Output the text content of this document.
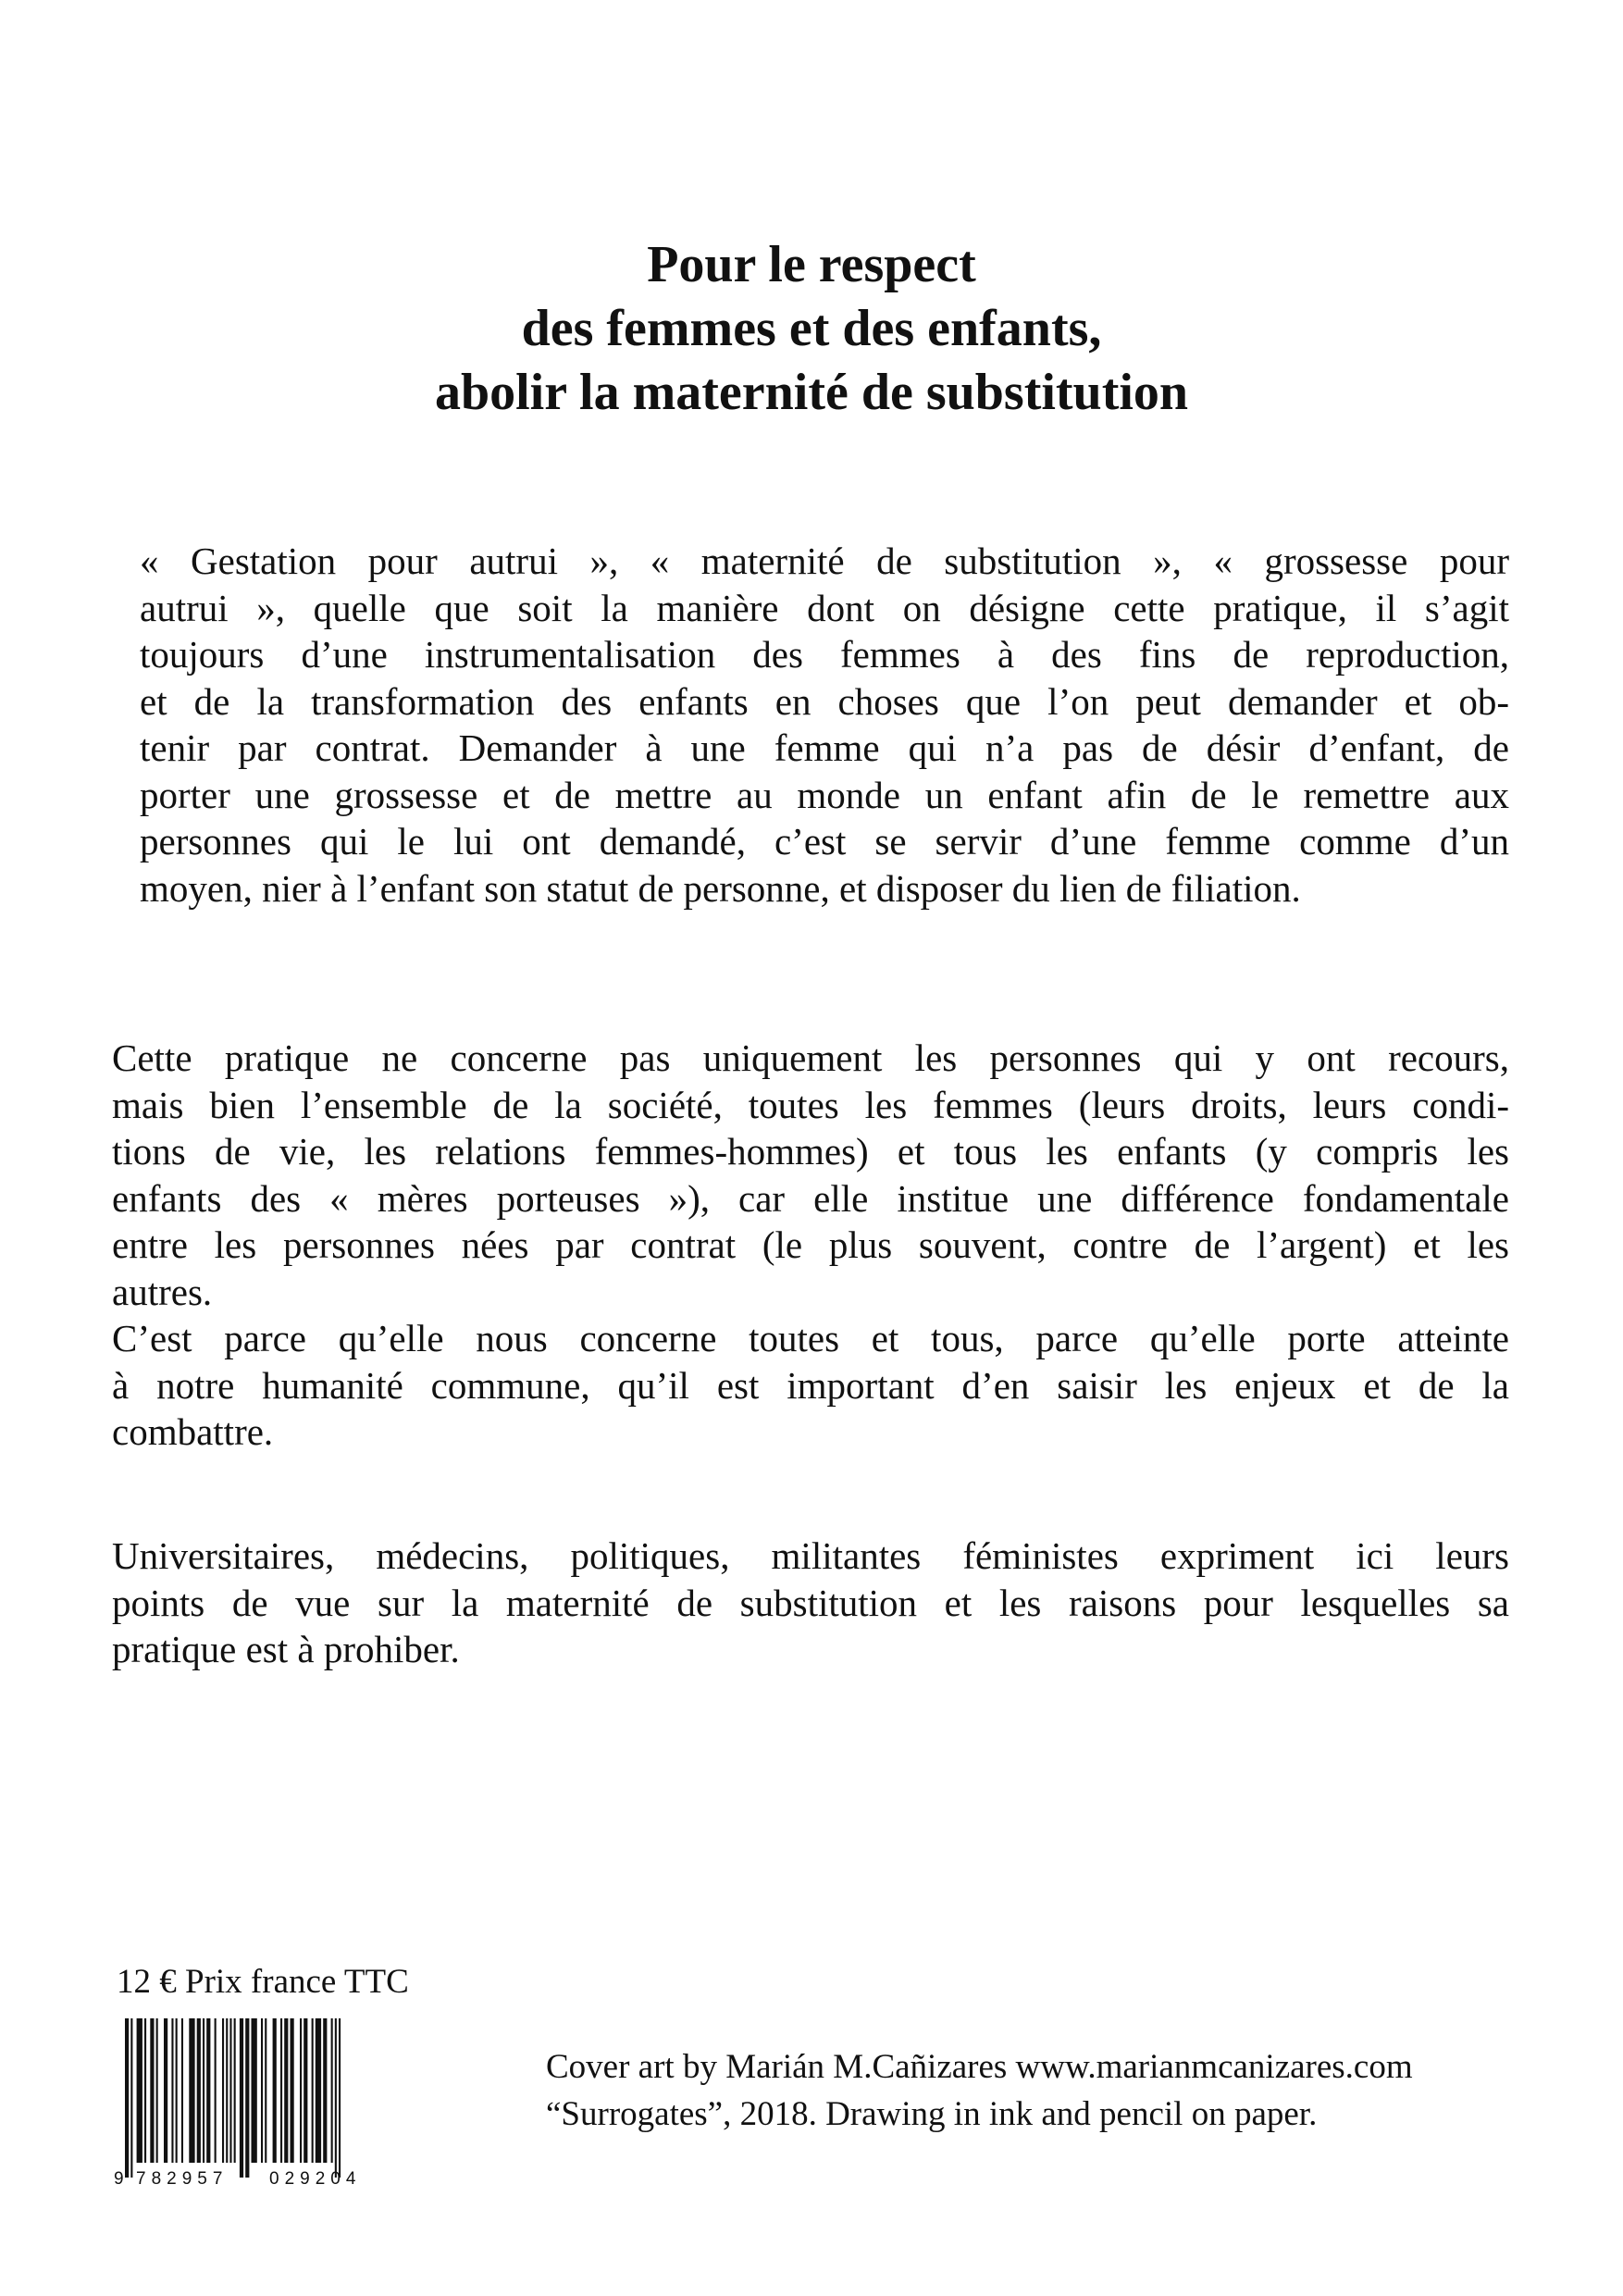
Pour le respect
des femmes et des enfants,
abolir la maternité de substitution

« Gestation pour autrui », « maternité de substitution », « grossesse pour
autrui », quelle que soit la manière dont on désigne cette pratique, il s’agit
toujours d’une instrumentalisation des femmes à des fins de reproduction,
et de la transformation des enfants en choses que l’on peut demander et ob-
tenir par contrat. Demander à une femme qui n’a pas de désir d’enfant, de
porter une grossesse et de mettre au monde un enfant afin de le remettre aux
personnes qui le lui ont demandé, c’est se servir d’une femme comme d’un
moyen, nier à l’enfant son statut de personne, et disposer du lien de filiation.

Cette pratique ne concerne pas uniquement les personnes qui y ont recours,
mais bien l’ensemble de la société, toutes les femmes (leurs droits, leurs condi-
tions de vie, les relations femmes-hommes) et tous les enfants (y compris les
enfants des « mères porteuses »), car elle institue une différence fondamentale
entre les personnes nées par contrat (le plus souvent, contre de l’argent) et les
autres.
C’est parce qu’elle nous concerne toutes et tous, parce qu’elle porte atteinte
à notre humanité commune, qu’il est important d’en saisir les enjeux et de la
combattre.

Universitaires, médecins, politiques, militantes féministes expriment ici leurs
points de vue sur la maternité de substitution et les raisons pour lesquelles sa
pratique est à prohiber.

12 € Prix france TTC
9 782957 029204
Cover art by Marián M.Cañizares www.marianmcanizares.com
“Surrogates”, 2018. Drawing in ink and pencil on paper.
